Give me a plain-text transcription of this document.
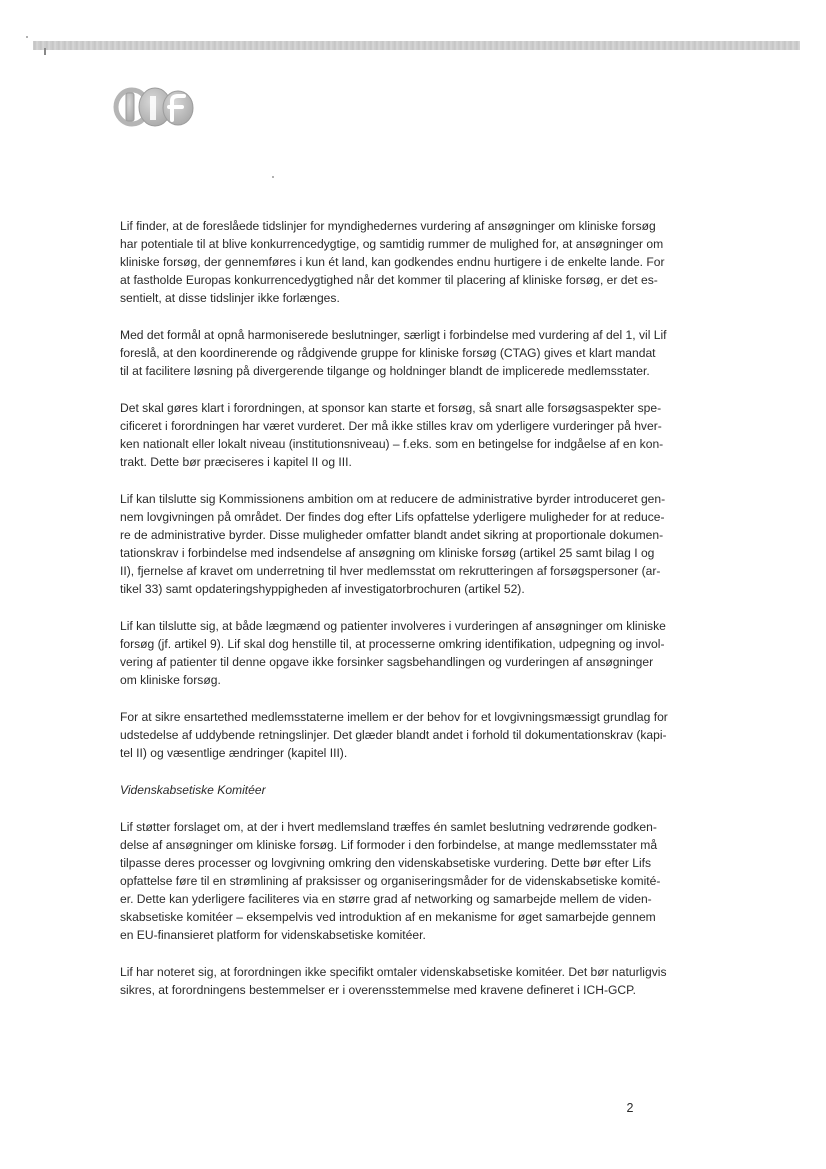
Lif finder, at de foreslåede tidslinjer for myndighedernes vurdering af ansøgninger om kliniske forsøg
har potentiale til at blive konkurrencedygtige, og samtidig rummer de mulighed for, at ansøgninger om
kliniske forsøg, der gennemføres i kun ét land, kan godkendes endnu hurtigere i de enkelte lande. For
at fastholde Europas konkurrencedygtighed når det kommer til placering af kliniske forsøg, er det es-
sentielt, at disse tidslinjer ikke forlænges.

Med det formål at opnå harmoniserede beslutninger, særligt i forbindelse med vurdering af del 1, vil Lif
foreslå, at den koordinerende og rådgivende gruppe for kliniske forsøg (CTAG) gives et klart mandat
til at facilitere løsning på divergerende tilgange og holdninger blandt de implicerede medlemsstater.

Det skal gøres klart i forordningen, at sponsor kan starte et forsøg, så snart alle forsøgsaspekter spe-
cificeret i forordningen har været vurderet. Der må ikke stilles krav om yderligere vurderinger på hver-
ken nationalt eller lokalt niveau (institutionsniveau) – f.eks. som en betingelse for indgåelse af en kon-
trakt. Dette bør præciseres i kapitel II og III.

Lif kan tilslutte sig Kommissionens ambition om at reducere de administrative byrder introduceret gen-
nem lovgivningen på området. Der findes dog efter Lifs opfattelse yderligere muligheder for at reduce-
re de administrative byrder. Disse muligheder omfatter blandt andet sikring at proportionale dokumen-
tationskrav i forbindelse med indsendelse af ansøgning om kliniske forsøg (artikel 25 samt bilag I og
II), fjernelse af kravet om underretning til hver medlemsstat om rekrutteringen af forsøgspersoner (ar-
tikel 33) samt opdateringshyppigheden af investigatorbrochuren (artikel 52).

Lif kan tilslutte sig, at både lægmænd og patienter involveres i vurderingen af ansøgninger om kliniske
forsøg (jf. artikel 9). Lif skal dog henstille til, at processerne omkring identifikation, udpegning og invol-
vering af patienter til denne opgave ikke forsinker sagsbehandlingen og vurderingen af ansøgninger
om kliniske forsøg.

For at sikre ensartethed medlemsstaterne imellem er der behov for et lovgivningsmæssigt grundlag for
udstedelse af uddybende retningslinjer. Det glæder blandt andet i forhold til dokumentationskrav (kapi-
tel II) og væsentlige ændringer (kapitel III).

Videnskabsetiske Komitéer

Lif støtter forslaget om, at der i hvert medlemsland træffes én samlet beslutning vedrørende godken-
delse af ansøgninger om kliniske forsøg. Lif formoder i den forbindelse, at mange medlemsstater må
tilpasse deres processer og lovgivning omkring den videnskabsetiske vurdering. Dette bør efter Lifs
opfattelse føre til en strømlining af praksisser og organiseringsmåder for de videnskabsetiske komité-
er. Dette kan yderligere faciliteres via en større grad af networking og samarbejde mellem de viden-
skabsetiske komitéer – eksempelvis ved introduktion af en mekanisme for øget samarbejde gennem
en EU-finansieret platform for videnskabsetiske komitéer.

Lif har noteret sig, at forordningen ikke specifikt omtaler videnskabsetiske komitéer. Det bør naturligvis
sikres, at forordningens bestemmelser er i overensstemmelse med kravene defineret i ICH-GCP.

2
